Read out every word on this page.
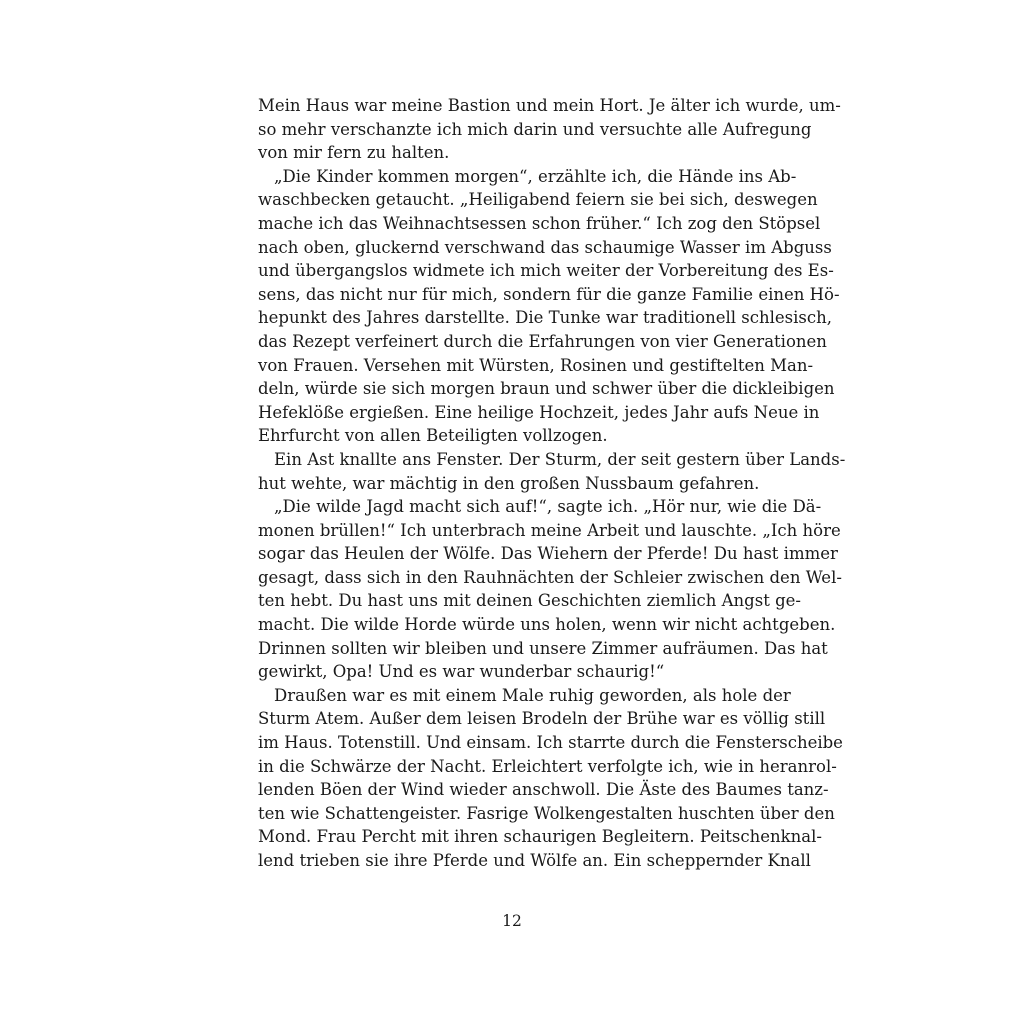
Mein Haus war meine Bastion und mein Hort. Je älter ich wurde, um-
so mehr verschanzte ich mich darin und versuchte alle Aufregung
von mir fern zu halten.
„Die Kinder kommen morgen“, erzählte ich, die Hände ins Ab-
waschbecken getaucht. „Heiligabend feiern sie bei sich, deswegen
mache ich das Weihnachtsessen schon früher.“ Ich zog den Stöpsel
nach oben, gluckernd verschwand das schaumige Wasser im Abguss
und übergangslos widmete ich mich weiter der Vorbereitung des Es-
sens, das nicht nur für mich, sondern für die ganze Familie einen Hö-
hepunkt des Jahres darstellte. Die Tunke war traditionell schlesisch,
das Rezept verfeinert durch die Erfahrungen von vier Generationen
von Frauen. Versehen mit Würsten, Rosinen und gestiftelten Man-
deln, würde sie sich morgen braun und schwer über die dickleibigen
Hefeklöße ergießen. Eine heilige Hochzeit, jedes Jahr aufs Neue in
Ehrfurcht von allen Beteiligten vollzogen.
Ein Ast knallte ans Fenster. Der Sturm, der seit gestern über Lands-
hut wehte, war mächtig in den großen Nussbaum gefahren.
„Die wilde Jagd macht sich auf!“, sagte ich. „Hör nur, wie die Dä-
monen brüllen!“ Ich unterbrach meine Arbeit und lauschte. „Ich höre
sogar das Heulen der Wölfe. Das Wiehern der Pferde! Du hast immer
gesagt, dass sich in den Rauhnächten der Schleier zwischen den Wel-
ten hebt. Du hast uns mit deinen Geschichten ziemlich Angst ge-
macht. Die wilde Horde würde uns holen, wenn wir nicht achtgeben.
Drinnen sollten wir bleiben und unsere Zimmer aufräumen. Das hat
gewirkt, Opa! Und es war wunderbar schaurig!“
Draußen war es mit einem Male ruhig geworden, als hole der
Sturm Atem. Außer dem leisen Brodeln der Brühe war es völlig still
im Haus. Totenstill. Und einsam. Ich starrte durch die Fensterscheibe
in die Schwärze der Nacht. Erleichtert verfolgte ich, wie in heranrol-
lenden Böen der Wind wieder anschwoll. Die Äste des Baumes tanz-
ten wie Schattengeister. Fasrige Wolkengestalten huschten über den
Mond. Frau Percht mit ihren schaurigen Begleitern. Peitschenknal-
lend trieben sie ihre Pferde und Wölfe an. Ein scheppernder Knall
12
